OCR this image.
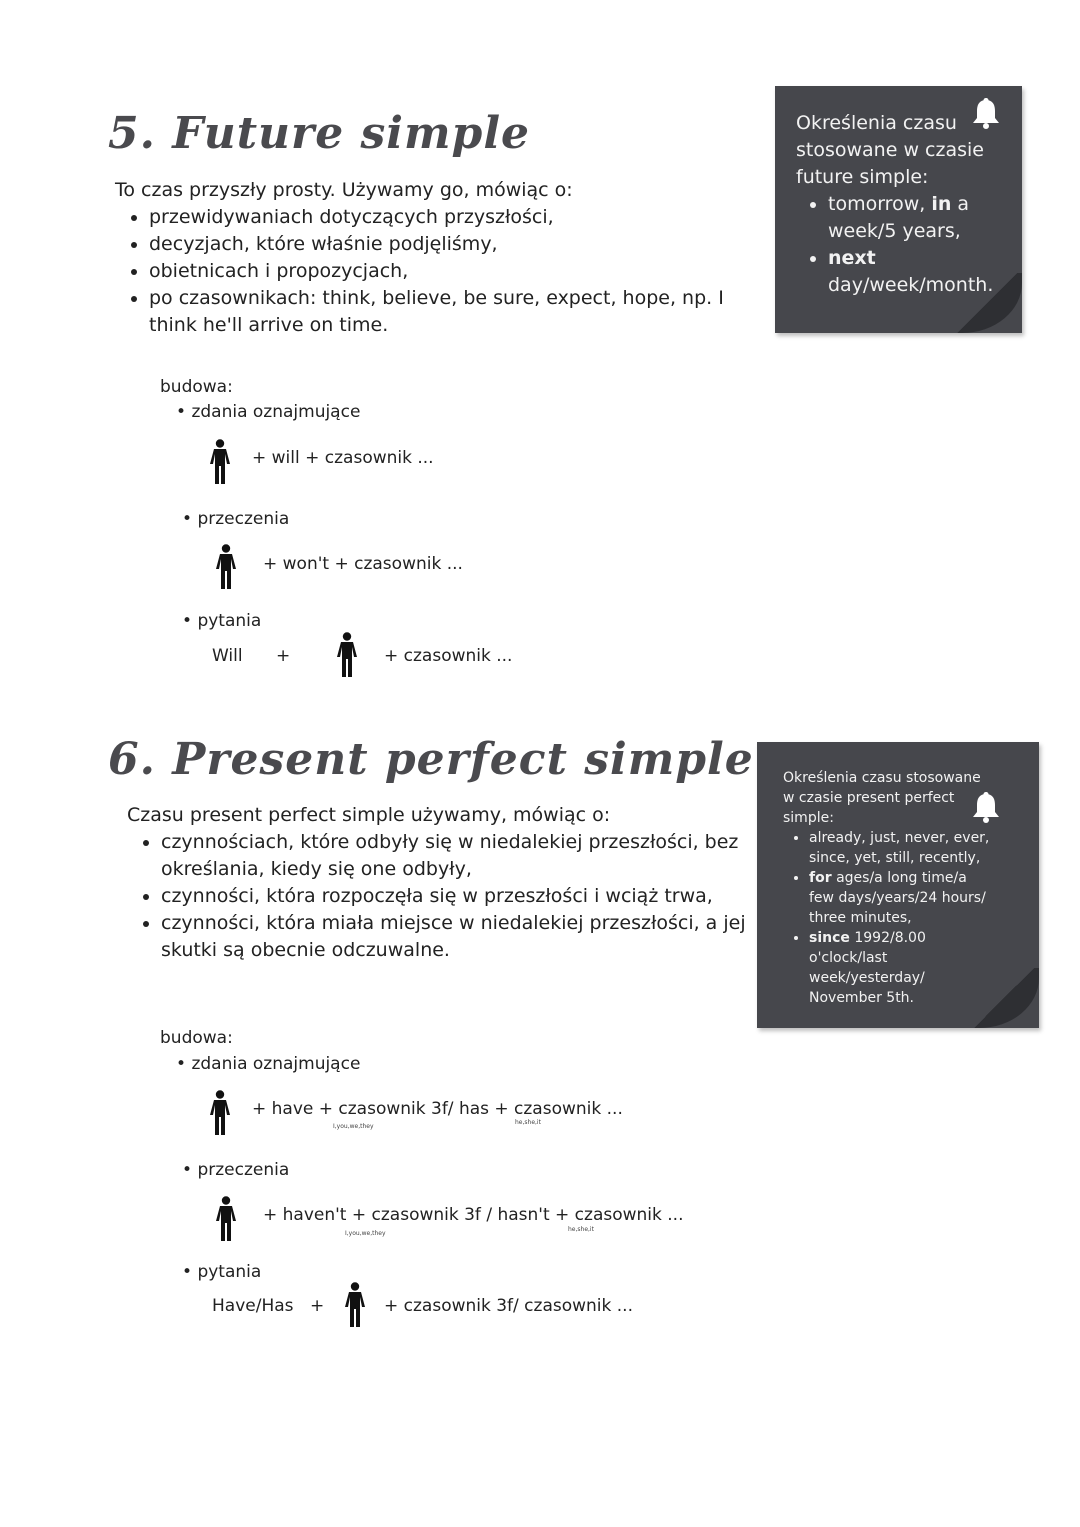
5. Future simple
To czas przyszły prosty. Używamy go, mówiąc o:
• przewidywaniach dotyczących przyszłości,
• decyzjach, które właśnie podjęliśmy,
• obietnicach i propozycjach,
• po czasownikach: think, believe, be sure, expect, hope, np. I think he'll arrive on time.
Określenia czasu stosowane w czasie future simple:
• tomorrow, in a week/5 years,
• next day/week/month.
budowa:
• zdania oznajmujące
+ will + czasownik ...
• przeczenia
+ won't + czasownik ...
• pytania
Will +	+ czasownik ...
6. Present perfect simple
Czasu present perfect simple używamy, mówiąc o:
• czynnościach, które odbyły się w niedalekiej przeszłości, bez określania, kiedy się one odbyły,
• czynności, która rozpoczęła się w przeszłości i wciąż trwa,
• czynności, która miała miejsce w niedalekiej przeszłości, a jej skutki są obecnie odczuwalne.
Określenia czasu stosowane w czasie present perfect simple:
• already, just, never, ever, since, yet, still, recently,
• for ages/a long time/a few days/years/24 hours/ three minutes,
• since 1992/8.00 o'clock/last week/yesterday/ November 5th.
budowa:
• zdania oznajmujące
+ have + czasownik 3f/ has + czasownik ...
I,you,we,they
he,she,it
• przeczenia
+ haven't + czasownik 3f / hasn't + czasownik ...
I,you,we,they
he,she,it
• pytania
Have/Has +	+ czasownik 3f/ czasownik ...
